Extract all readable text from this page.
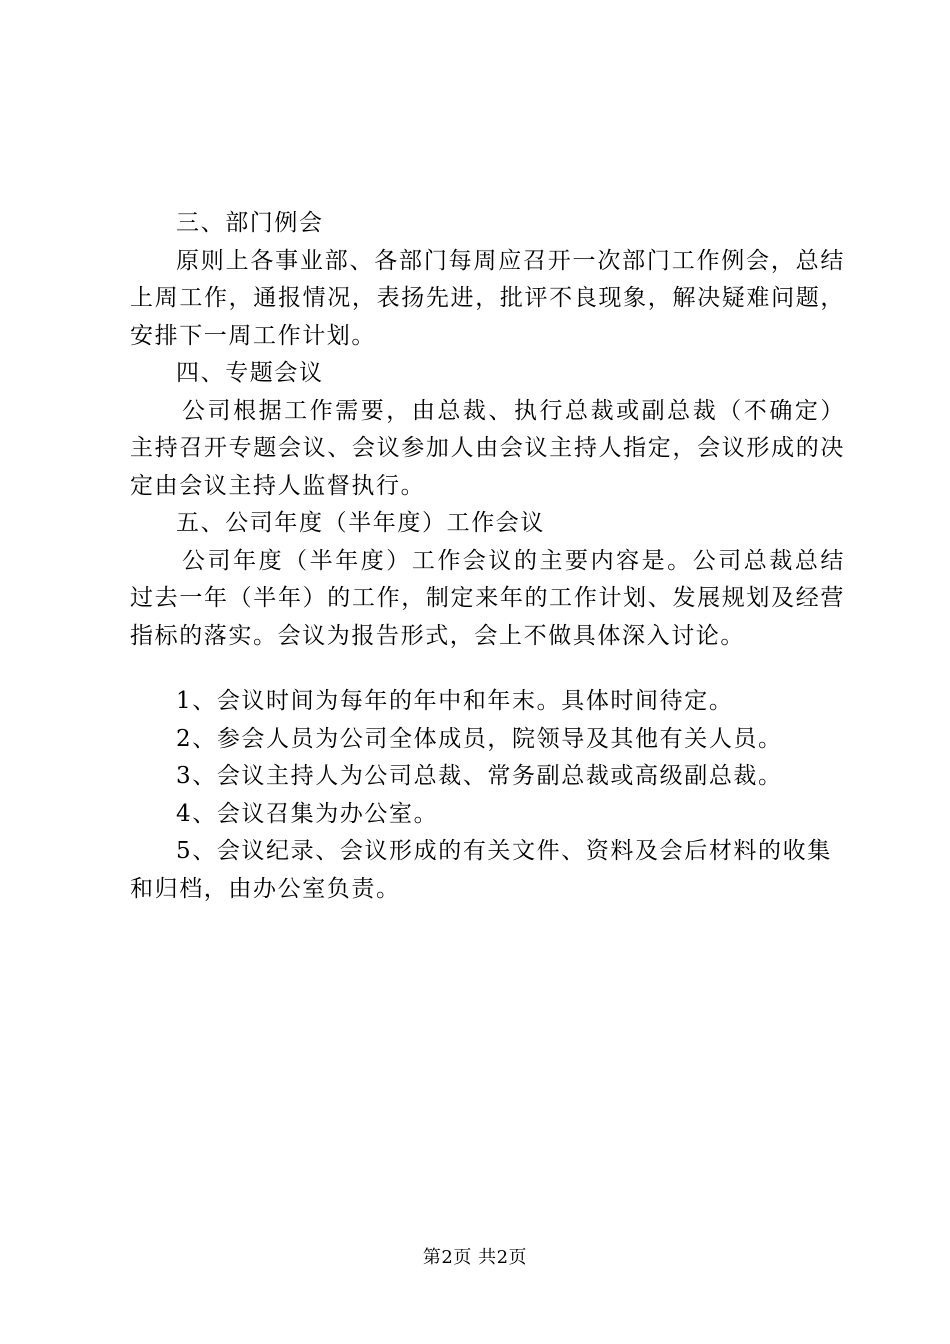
三、部门例会

原则上各事业部、各部门每周应召开一次部门工作例会，总结上周工作，通报情况，表扬先进，批评不良现象，解决疑难问题，安排下一周工作计划。

四、专题会议

公司根据工作需要，由总裁、执行总裁或副总裁（不确定）主持召开专题会议、会议参加人由会议主持人指定，会议形成的决定由会议主持人监督执行。

五、公司年度（半年度）工作会议

公司年度（半年度）工作会议的主要内容是。公司总裁总结过去一年（半年）的工作，制定来年的工作计划、发展规划及经营指标的落实。会议为报告形式，会上不做具体深入讨论。

1、会议时间为每年的年中和年末。具体时间待定。

2、参会人员为公司全体成员，院领导及其他有关人员。

3、会议主持人为公司总裁、常务副总裁或高级副总裁。

4、会议召集为办公室。

5、会议纪录、会议形成的有关文件、资料及会后材料的收集和归档，由办公室负责。

第2页 共2页
